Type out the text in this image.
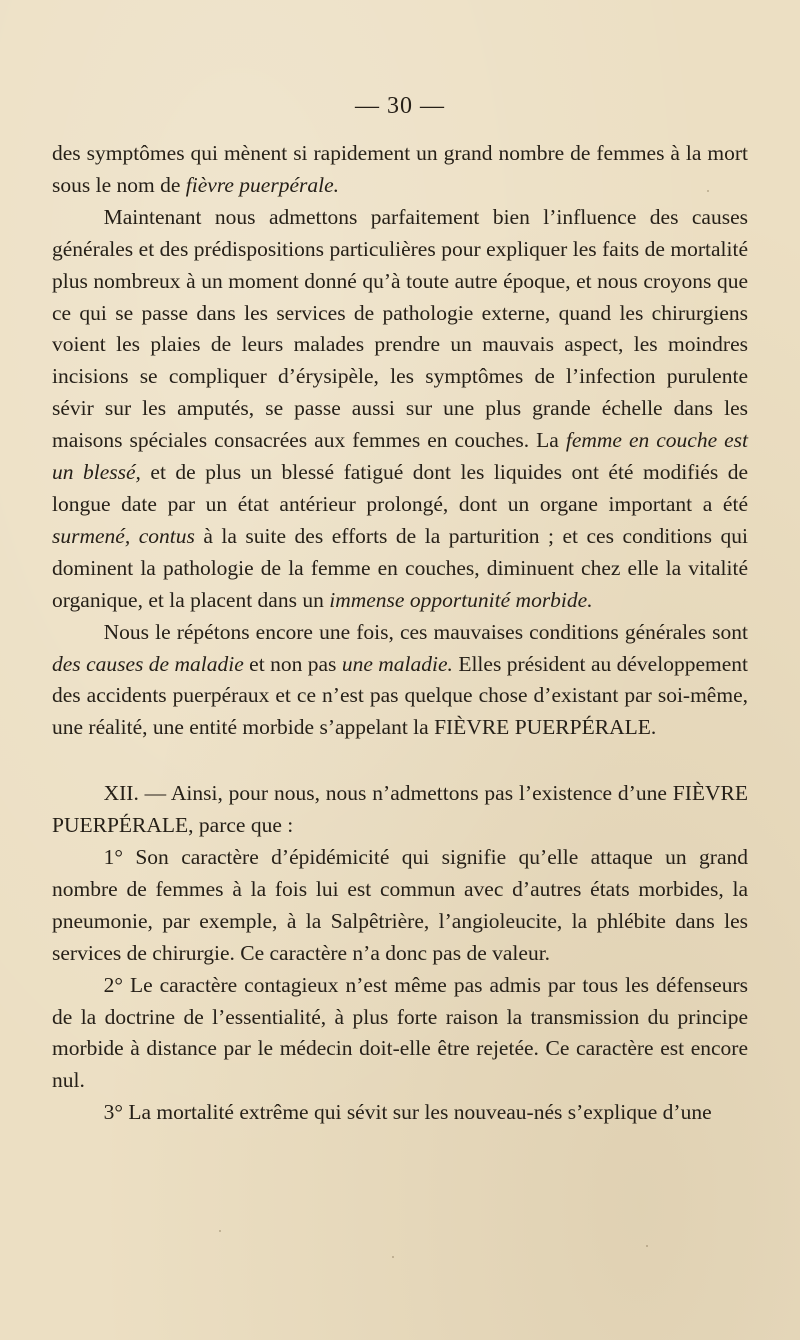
— 30 —

des symptômes qui mènent si rapidement un grand nombre de femmes à la mort sous le nom de fièvre puerpérale.

Maintenant nous admettons parfaitement bien l’influence des causes générales et des prédispositions particulières pour expliquer les faits de mortalité plus nombreux à un moment donné qu’à toute autre époque, et nous croyons que ce qui se passe dans les services de pathologie externe, quand les chirurgiens voient les plaies de leurs malades prendre un mauvais aspect, les moindres incisions se compliquer d’érysipèle, les symptômes de l’infection purulente sévir sur les amputés, se passe aussi sur une plus grande échelle dans les maisons spéciales consacrées aux femmes en couches. La femme en couche est un blessé, et de plus un blessé fatigué dont les liquides ont été modifiés de longue date par un état antérieur prolongé, dont un organe important a été surmené, contus à la suite des efforts de la parturition ; et ces conditions qui dominent la pathologie de la femme en couches, diminuent chez elle la vitalité organique, et la placent dans un immense opportunité morbide.

Nous le répétons encore une fois, ces mauvaises conditions générales sont des causes de maladie et non pas une maladie. Elles président au développement des accidents puerpéraux et ce n’est pas quelque chose d’existant par soi-même, une réalité, une entité morbide s’appelant la FIÈVRE PUERPÉRALE.

XII. — Ainsi, pour nous, nous n’admettons pas l’existence d’une FIÈVRE PUERPÉRALE, parce que :

1° Son caractère d’épidémicité qui signifie qu’elle attaque un grand nombre de femmes à la fois lui est commun avec d’autres états morbides, la pneumonie, par exemple, à la Salpêtrière, l’angioleucite, la phlébite dans les services de chirurgie. Ce caractère n’a donc pas de valeur.

2° Le caractère contagieux n’est même pas admis par tous les défenseurs de la doctrine de l’essentialité, à plus forte raison la transmission du principe morbide à distance par le médecin doit-elle être rejetée. Ce caractère est encore nul.

3° La mortalité extrême qui sévit sur les nouveau-nés s’explique d’une
